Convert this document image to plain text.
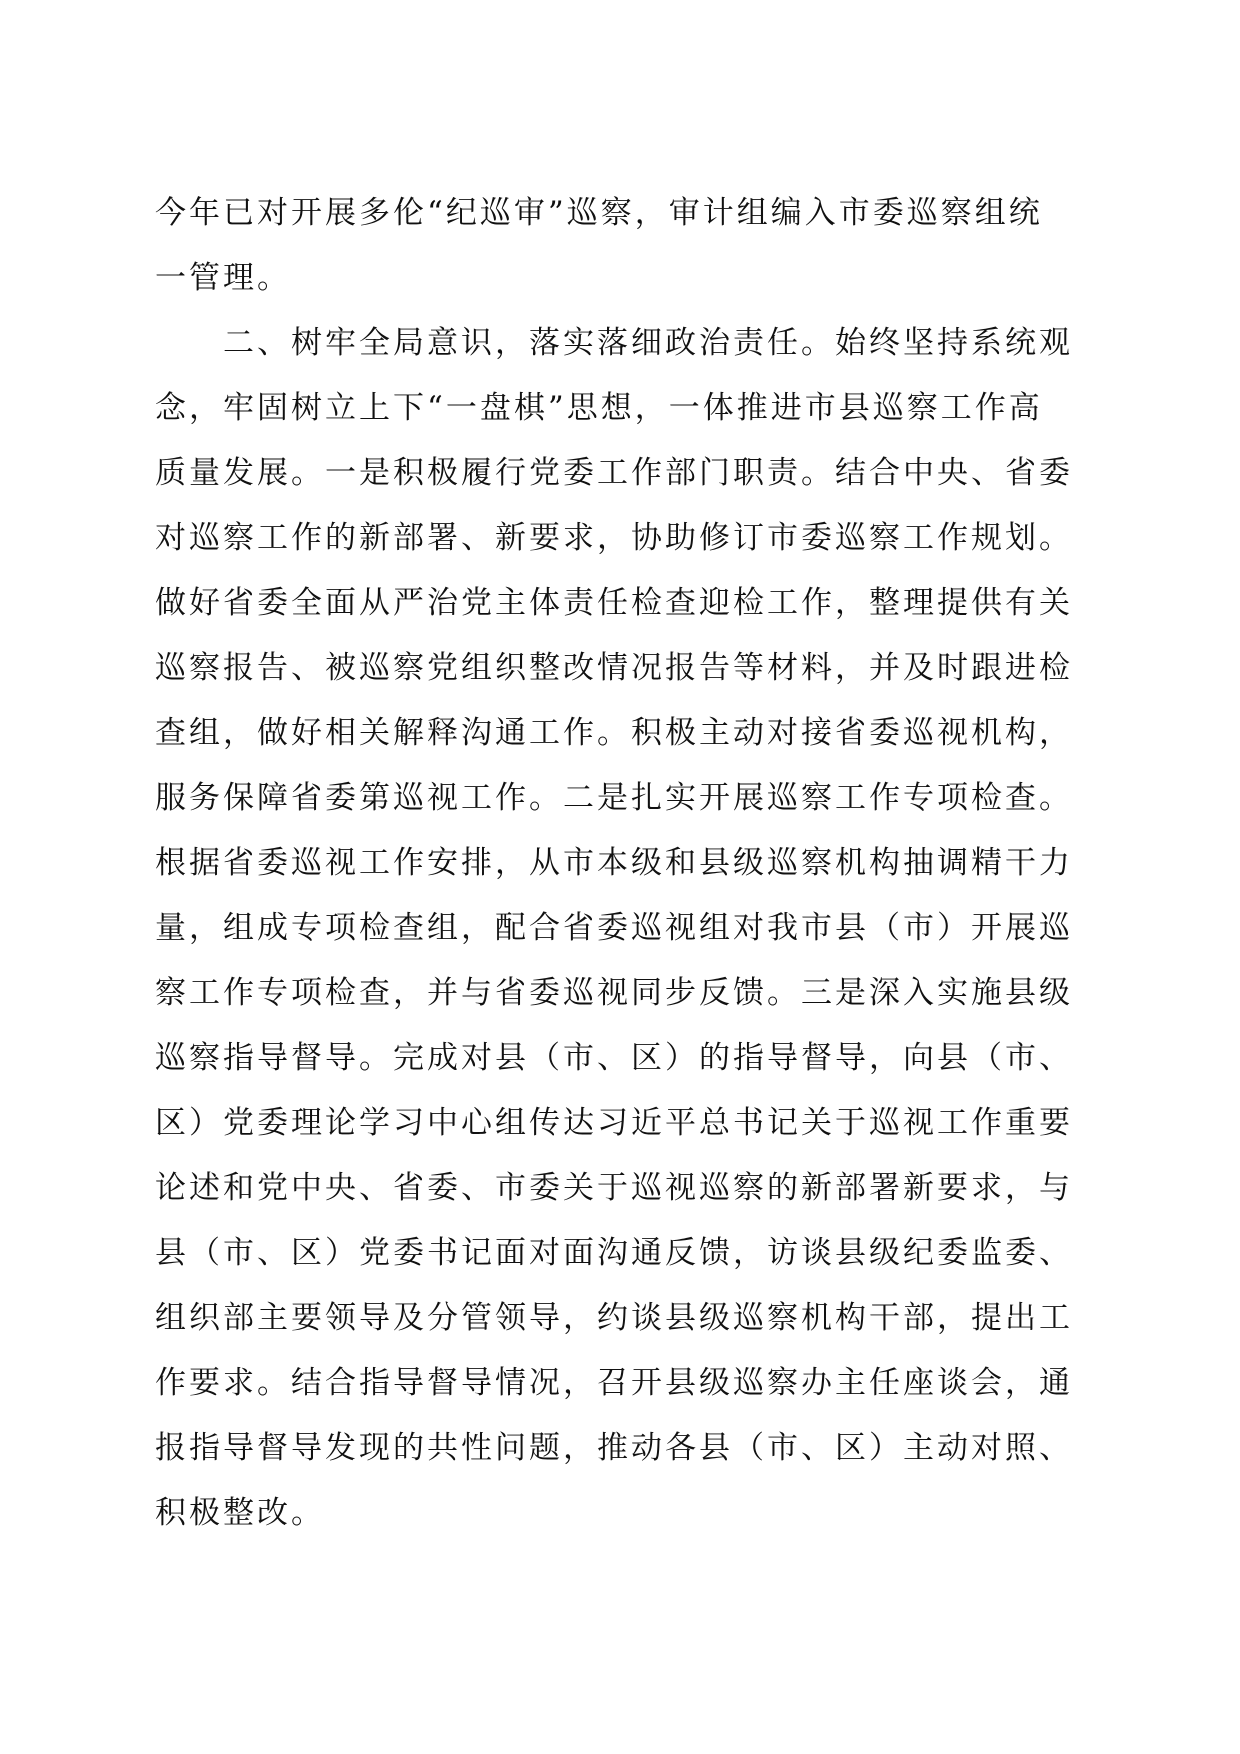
今年已对开展多伦“纪巡审”巡察，审计组编入市委巡察组统
一管理。
二、树牢全局意识，落实落细政治责任。始终坚持系统观
念，牢固树立上下“一盘棋”思想，一体推进市县巡察工作高
质量发展。一是积极履行党委工作部门职责。结合中央、省委
对巡察工作的新部署、新要求，协助修订市委巡察工作规划。
做好省委全面从严治党主体责任检查迎检工作，整理提供有关
巡察报告、被巡察党组织整改情况报告等材料，并及时跟进检
查组，做好相关解释沟通工作。积极主动对接省委巡视机构，
服务保障省委第巡视工作。二是扎实开展巡察工作专项检查。
根据省委巡视工作安排，从市本级和县级巡察机构抽调精干力
量，组成专项检查组，配合省委巡视组对我市县（市）开展巡
察工作专项检查，并与省委巡视同步反馈。三是深入实施县级
巡察指导督导。完成对县（市、区）的指导督导，向县（市、
区）党委理论学习中心组传达习近平总书记关于巡视工作重要
论述和党中央、省委、市委关于巡视巡察的新部署新要求，与
县（市、区）党委书记面对面沟通反馈，访谈县级纪委监委、
组织部主要领导及分管领导，约谈县级巡察机构干部，提出工
作要求。结合指导督导情况，召开县级巡察办主任座谈会，通
报指导督导发现的共性问题，推动各县（市、区）主动对照、
积极整改。
